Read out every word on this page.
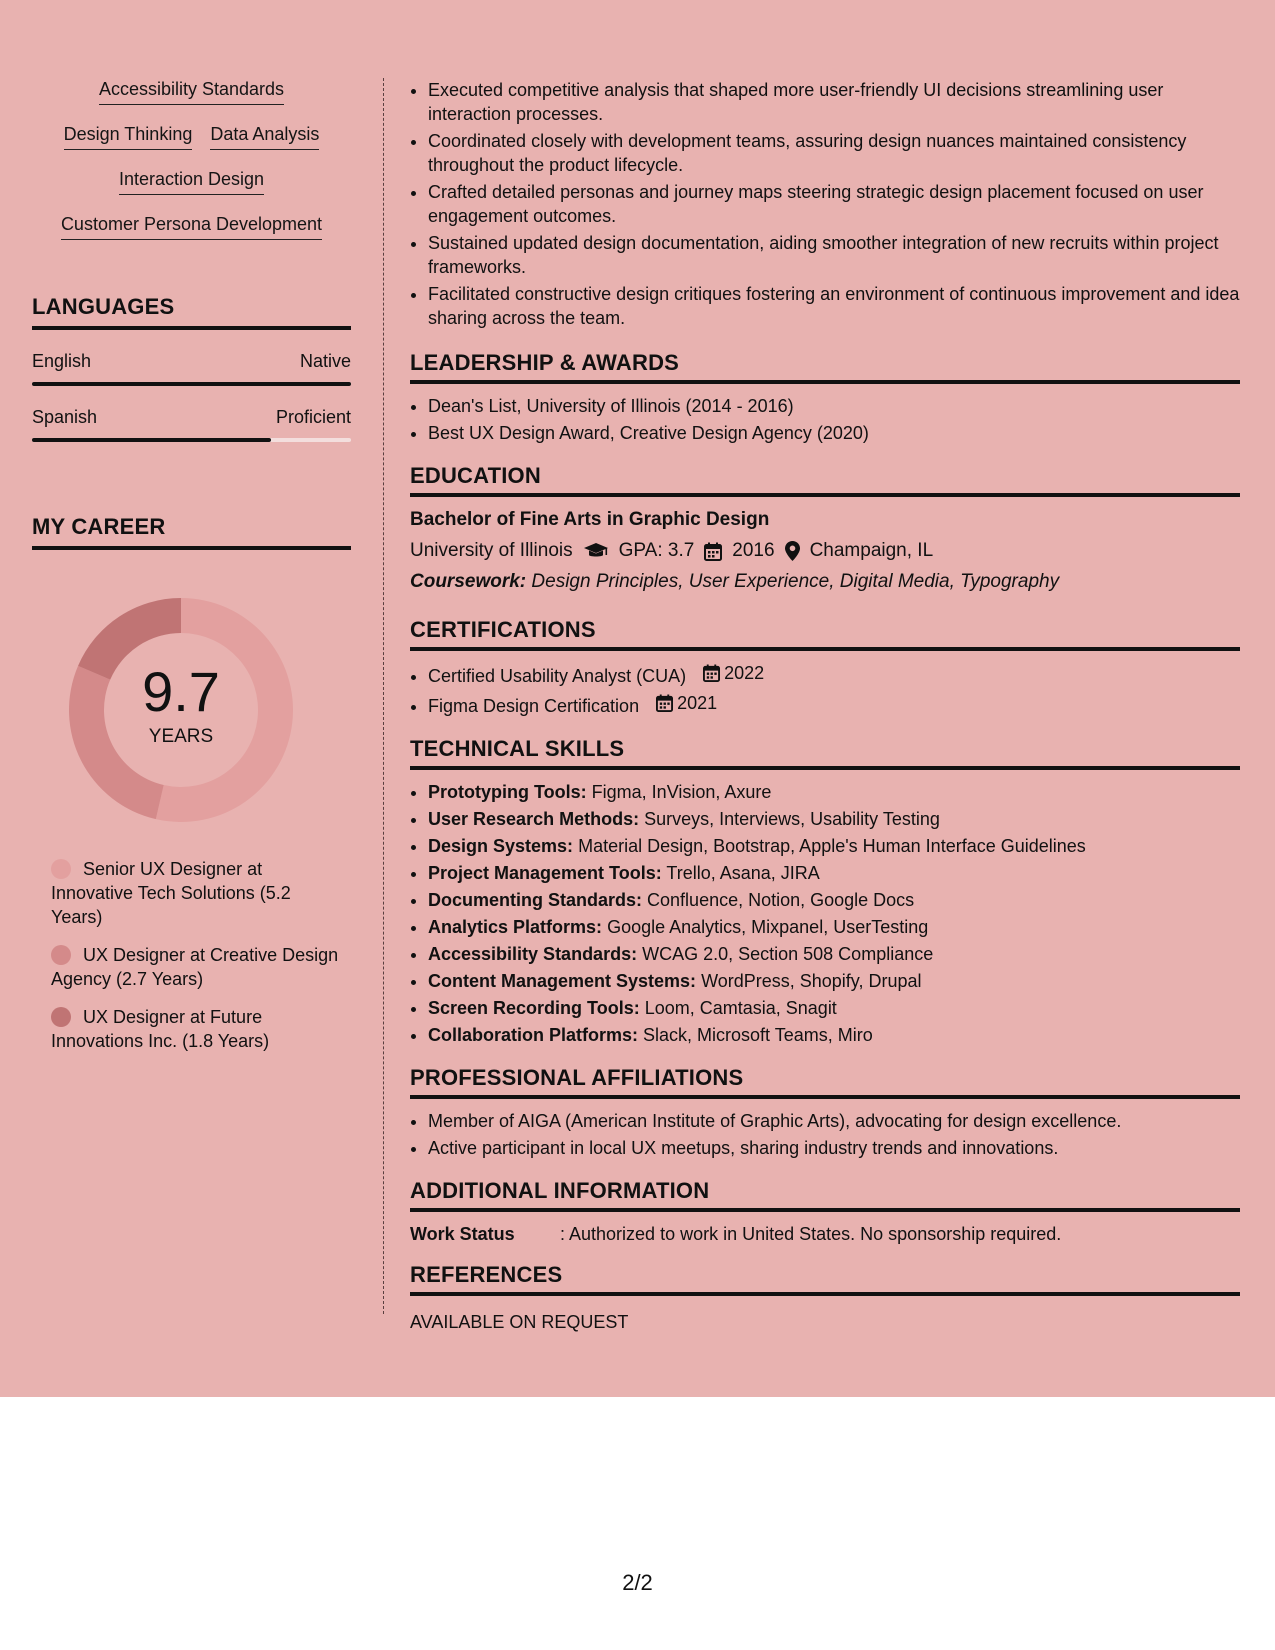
Accessibility Standards
Design Thinking Data Analysis
Interaction Design
Customer Persona Development
LANGUAGES
English	Native
Spanish	Proficient
MY CAREER
9.7
YEARS
Senior UX Designer at Innovative Tech Solutions (5.2 Years)
UX Designer at Creative Design Agency (2.7 Years)
UX Designer at Future Innovations Inc. (1.8 Years)
• Executed competitive analysis that shaped more user-friendly UI decisions streamlining user interaction processes.
• Coordinated closely with development teams, assuring design nuances maintained consistency throughout the product lifecycle.
• Crafted detailed personas and journey maps steering strategic design placement focused on user engagement outcomes.
• Sustained updated design documentation, aiding smoother integration of new recruits within project frameworks.
• Facilitated constructive design critiques fostering an environment of continuous improvement and idea sharing across the team.
LEADERSHIP & AWARDS
• Dean's List, University of Illinois (2014 - 2016)
• Best UX Design Award, Creative Design Agency (2020)
EDUCATION
Bachelor of Fine Arts in Graphic Design
University of Illinois GPA: 3.7 2016 Champaign, IL
Coursework: Design Principles, User Experience, Digital Media, Typography
CERTIFICATIONS
• Certified Usability Analyst (CUA) 2022
• Figma Design Certification 2021
TECHNICAL SKILLS
• Prototyping Tools: Figma, InVision, Axure
• User Research Methods: Surveys, Interviews, Usability Testing
• Design Systems: Material Design, Bootstrap, Apple's Human Interface Guidelines
• Project Management Tools: Trello, Asana, JIRA
• Documenting Standards: Confluence, Notion, Google Docs
• Analytics Platforms: Google Analytics, Mixpanel, UserTesting
• Accessibility Standards: WCAG 2.0, Section 508 Compliance
• Content Management Systems: WordPress, Shopify, Drupal
• Screen Recording Tools: Loom, Camtasia, Snagit
• Collaboration Platforms: Slack, Microsoft Teams, Miro
PROFESSIONAL AFFILIATIONS
• Member of AIGA (American Institute of Graphic Arts), advocating for design excellence.
• Active participant in local UX meetups, sharing industry trends and innovations.
ADDITIONAL INFORMATION
Work Status	: Authorized to work in United States. No sponsorship required.
REFERENCES
AVAILABLE ON REQUEST
2/2
